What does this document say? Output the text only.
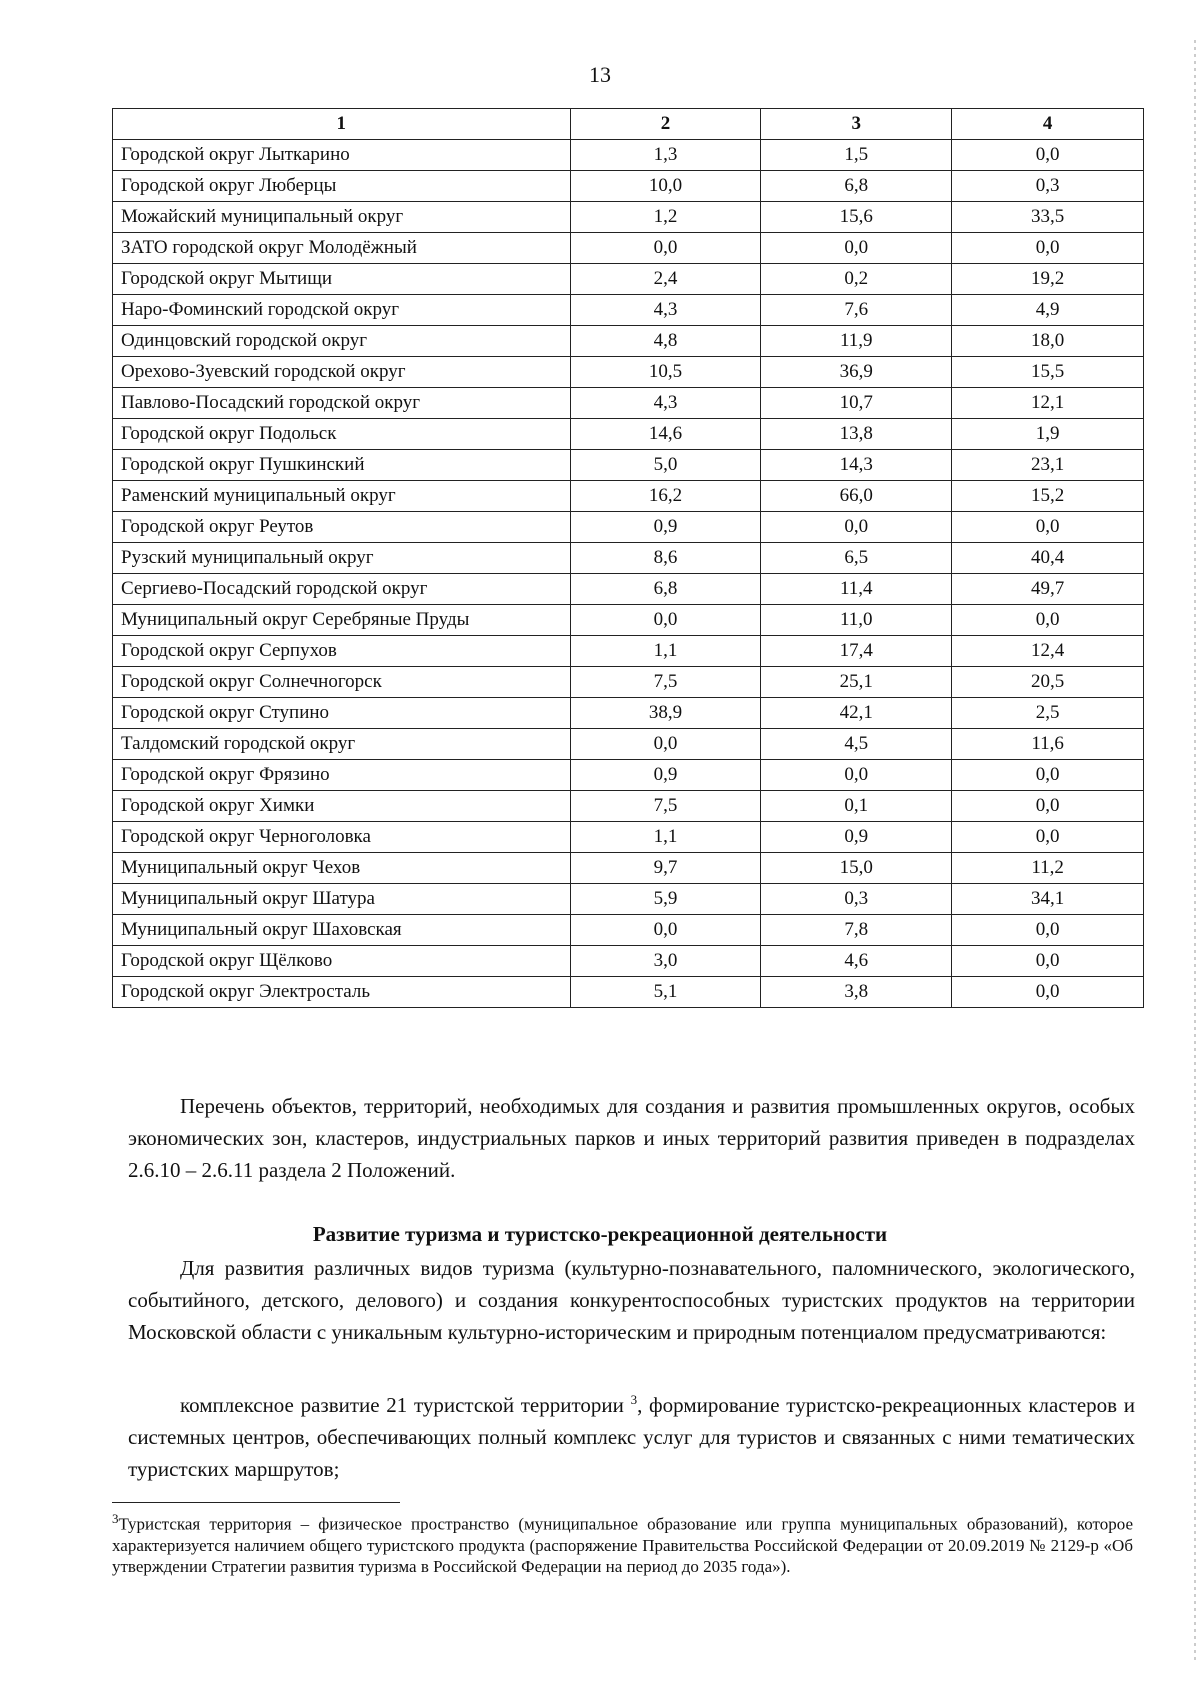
13
1	2	3	4
Городской округ Лыткарино	1,3	1,5	0,0
Городской округ Люберцы	10,0	6,8	0,3
Можайский муниципальный округ	1,2	15,6	33,5
ЗАТО городской округ Молодёжный	0,0	0,0	0,0
Городской округ Мытищи	2,4	0,2	19,2
Наро-Фоминский городской округ	4,3	7,6	4,9
Одинцовский городской округ	4,8	11,9	18,0
Орехово-Зуевский городской округ	10,5	36,9	15,5
Павлово-Посадский городской округ	4,3	10,7	12,1
Городской округ Подольск	14,6	13,8	1,9
Городской округ Пушкинский	5,0	14,3	23,1
Раменский муниципальный округ	16,2	66,0	15,2
Городской округ Реутов	0,9	0,0	0,0
Рузский муниципальный округ	8,6	6,5	40,4
Сергиево-Посадский городской округ	6,8	11,4	49,7
Муниципальный округ Серебряные Пруды	0,0	11,0	0,0
Городской округ Серпухов	1,1	17,4	12,4
Городской округ Солнечногорск	7,5	25,1	20,5
Городской округ Ступино	38,9	42,1	2,5
Талдомский городской округ	0,0	4,5	11,6
Городской округ Фрязино	0,9	0,0	0,0
Городской округ Химки	7,5	0,1	0,0
Городской округ Черноголовка	1,1	0,9	0,0
Муниципальный округ Чехов	9,7	15,0	11,2
Муниципальный округ Шатура	5,9	0,3	34,1
Муниципальный округ Шаховская	0,0	7,8	0,0
Городской округ Щёлково	3,0	4,6	0,0
Городской округ Электросталь	5,1	3,8	0,0
Перечень объектов, территорий, необходимых для создания и развития промышленных округов, особых экономических зон, кластеров, индустриальных парков и иных территорий развития приведен в подразделах 2.6.10 – 2.6.11 раздела 2 Положений.
Развитие туризма и туристско-рекреационной деятельности
Для развития различных видов туризма (культурно-познавательного, паломнического, экологического, событийного, детского, делового) и создания конкурентоспособных туристских продуктов на территории Московской области с уникальным культурно-историческим и природным потенциалом предусматриваются:
комплексное развитие 21 туристской территории $^3$, формирование туристско-рекреационных кластеров и системных центров, обеспечивающих полный комплекс услуг для туристов и связанных с ними тематических туристских маршрутов;
$^3$Туристская территория – физическое пространство (муниципальное образование или группа муниципальных образований), которое характеризуется наличием общего туристского продукта (распоряжение Правительства Российской Федерации от 20.09.2019 № 2129-р «Об утверждении Стратегии развития туризма в Российской Федерации на период до 2035 года»).
